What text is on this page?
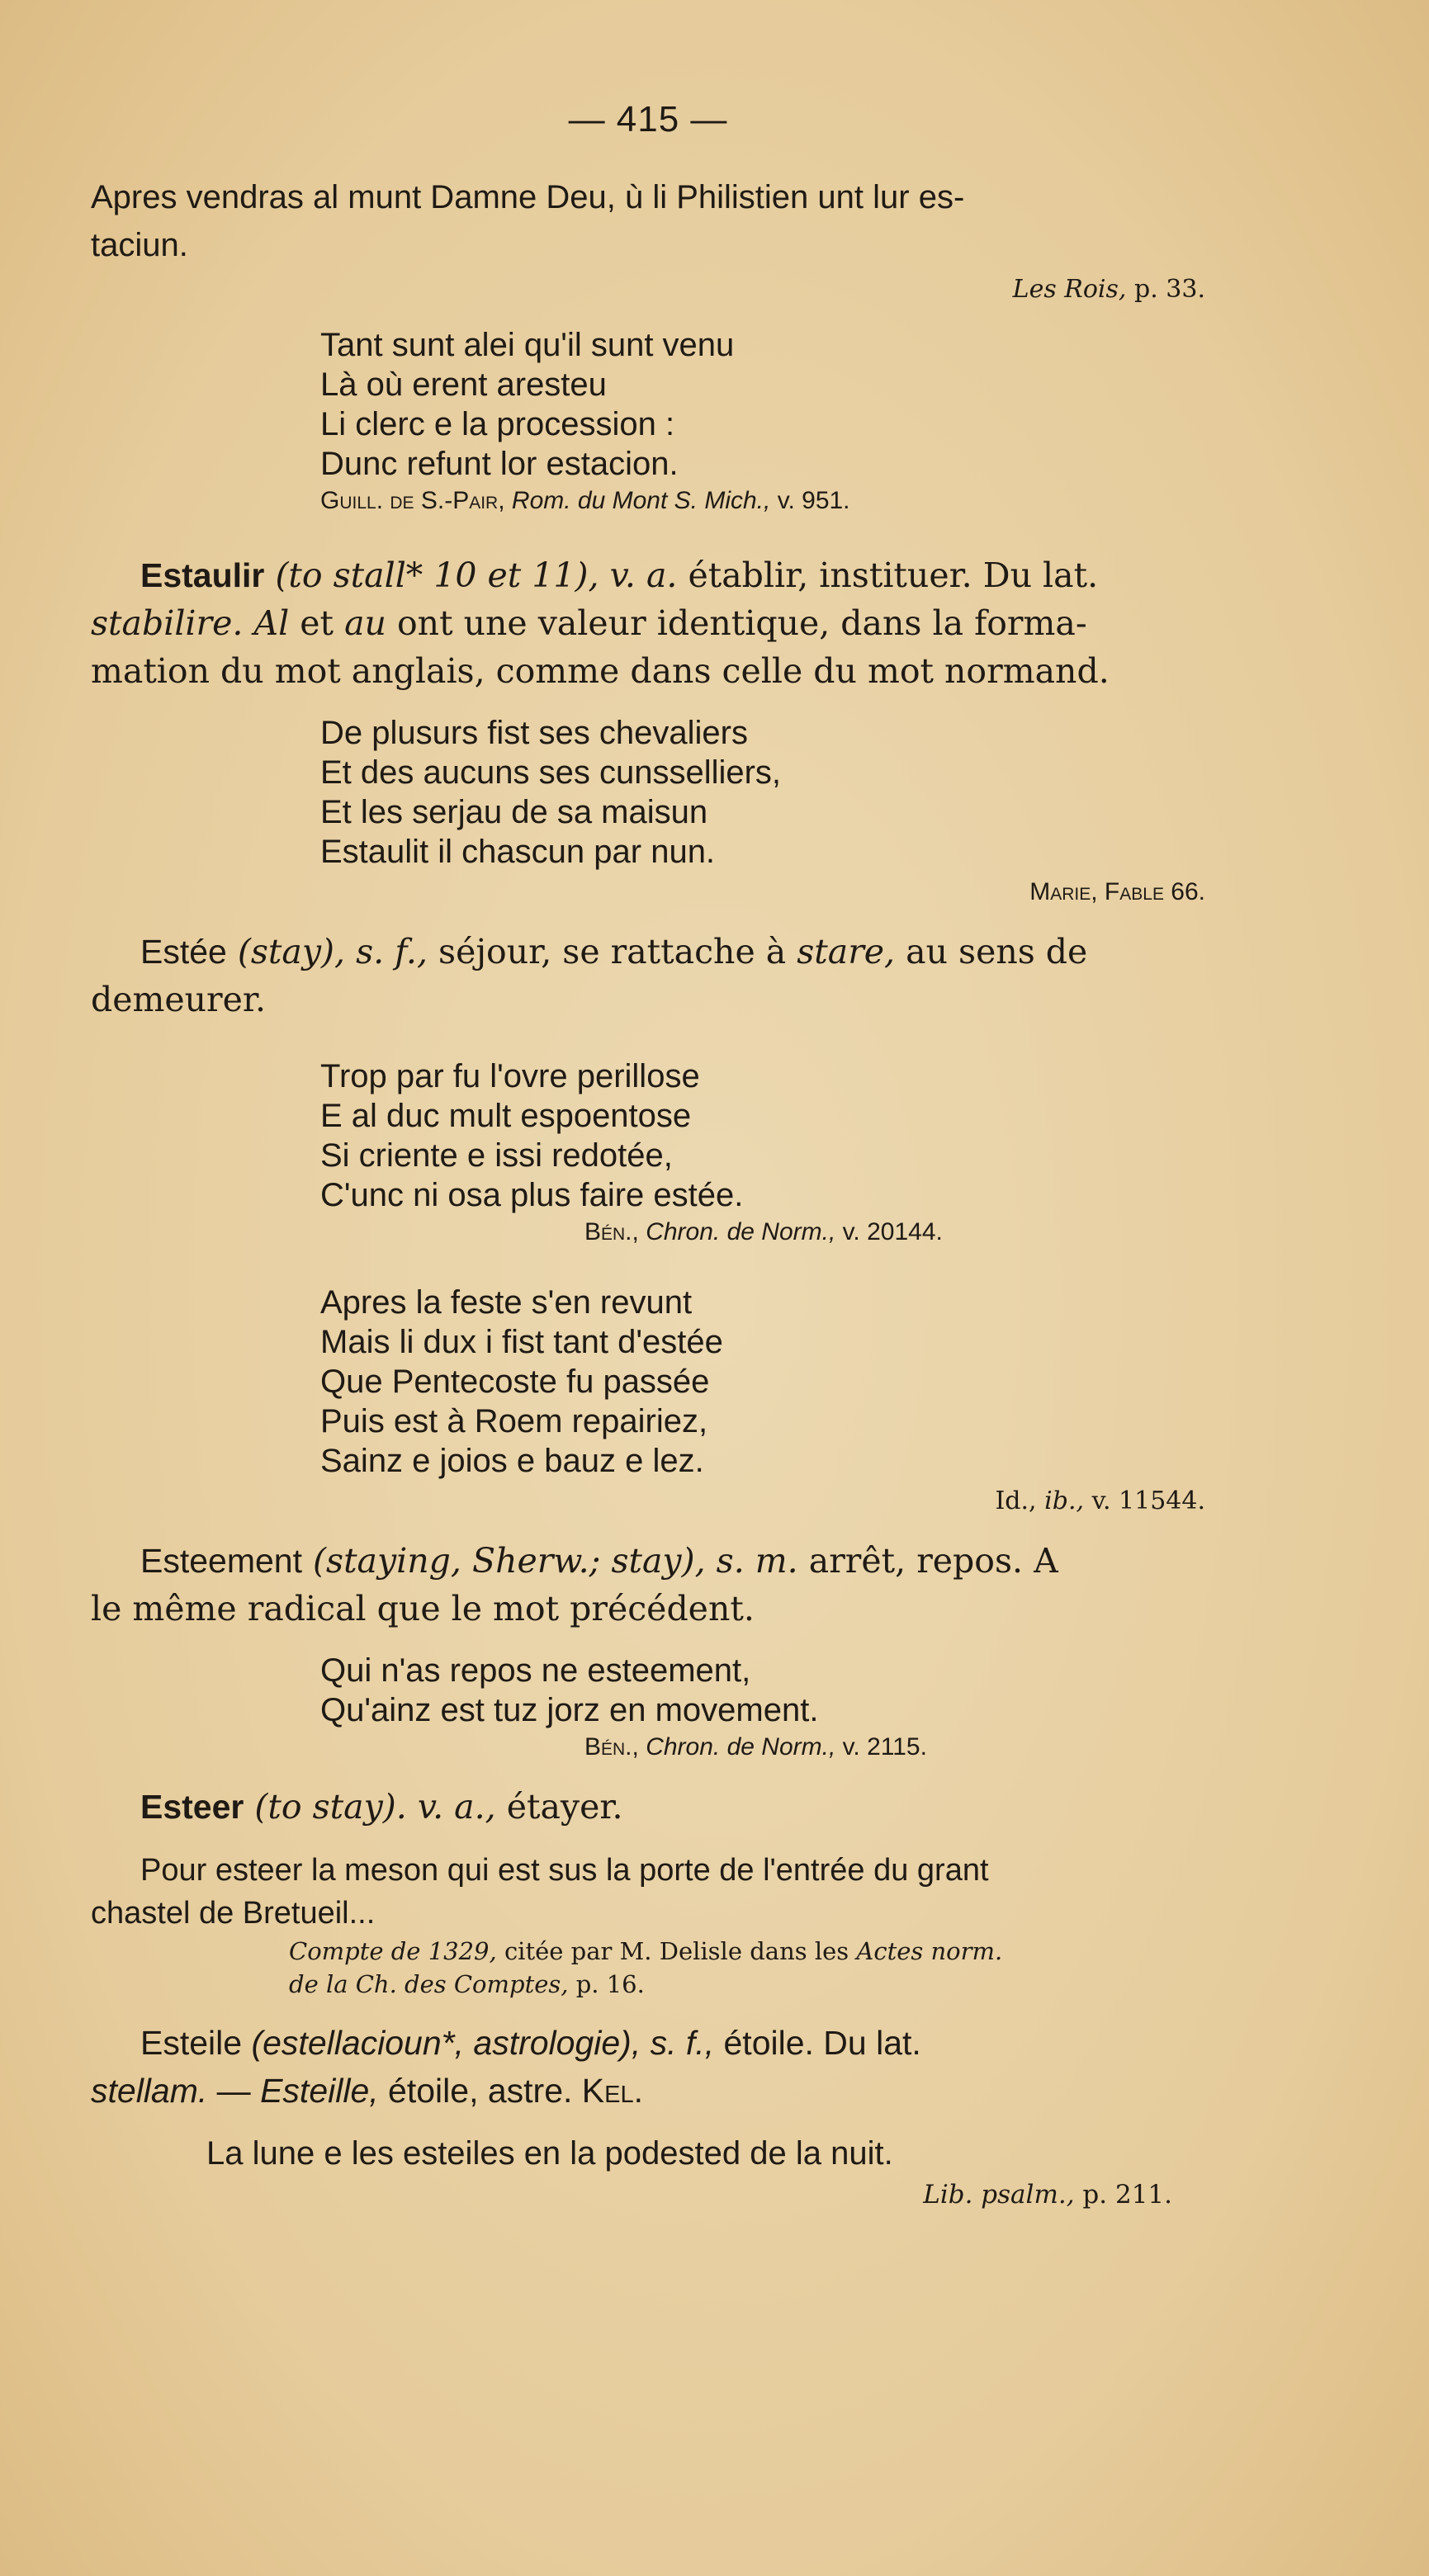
— 415 —

Apres vendras al munt Damne Deu, ù li Philistien unt lur es-

taciun.

Les Rois, p. 33.
Tant sunt alei qu'il sunt venu
Là où erent aresteu
Li clerc e la procession :
Dunc refunt lor estacion.
Guill. de S.-Pair, Rom. du Mont S. Mich., v. 951.

Estaulir (to stall* 10 et 11), v. a. établir, instituer. Du lat.

stabilire. Al et au ont une valeur identique, dans la forma-

mation du mot anglais, comme dans celle du mot normand.

De plusurs fist ses chevaliers
Et des aucuns ses cunsselliers,
Et les serjau de sa maisun
Estaulit il chascun par nun.
Marie, Fable 66.

Estée (stay), s. f., séjour, se rattache à stare, au sens de

demeurer.

Trop par fu l'ovre perillose
E al duc mult espoentose
Si criente e issi redotée,
C'unc ni osa plus faire estée.
Bén., Chron. de Norm., v. 20144.
Apres la feste s'en revunt
Mais li dux i fist tant d'estée
Que Pentecoste fu passée
Puis est à Roem repairiez,
Sainz e joios e bauz e lez.
Id., ib., v. 11544.

Esteement (staying, Sherw.; stay), s. m. arrêt, repos. A

le même radical que le mot précédent.

Qui n'as repos ne esteement,
Qu'ainz est tuz jorz en movement.
Bén., Chron. de Norm., v. 2115.

Esteer (to stay). v. a., étayer.

Pour esteer la meson qui est sus la porte de l'entrée du grant

chastel de Bretueil...

Compte de 1329, citée par M. Delisle dans les Actes norm.
de la Ch. des Comptes, p. 16.

Esteile (estellacioun*, astrologie), s. f., étoile. Du lat.

stellam. — Esteille, étoile, astre. Kel.

La lune e les esteiles en la podested de la nuit.
Lib. psalm., p. 211.
